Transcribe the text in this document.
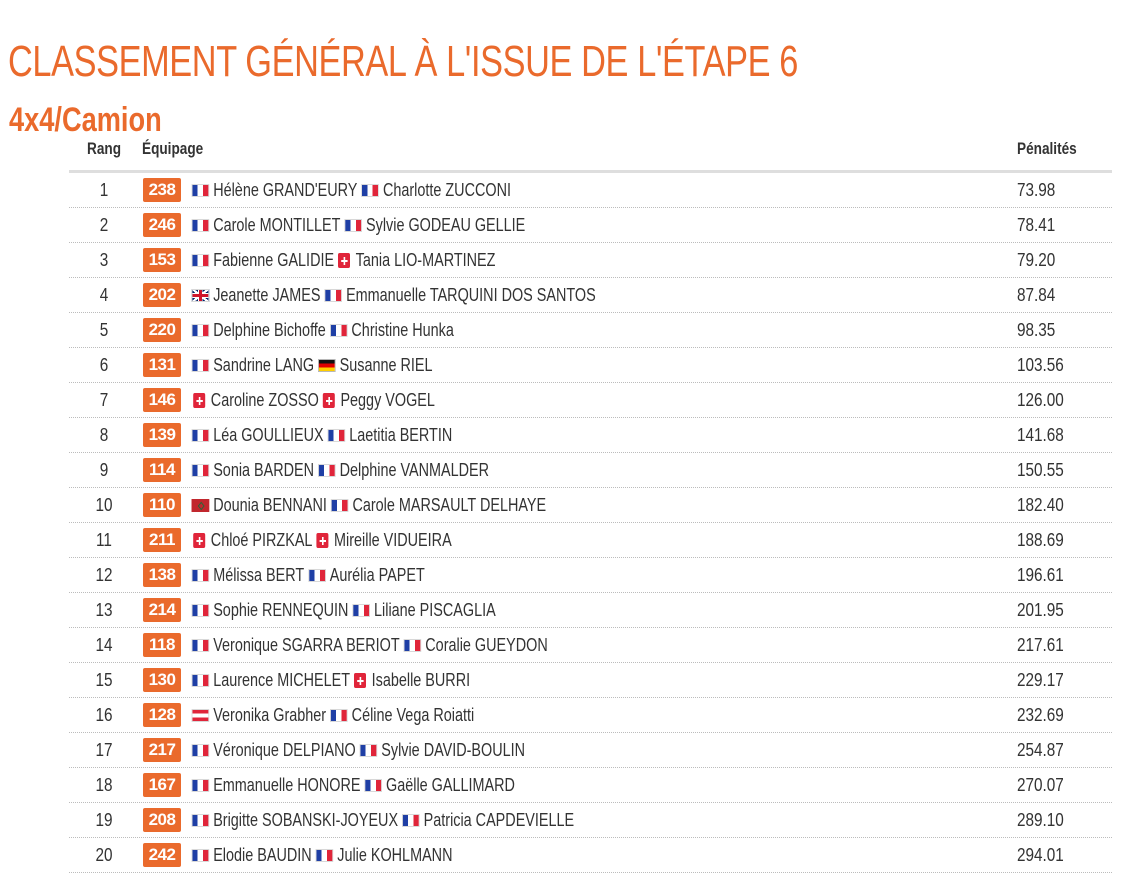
CLASSEMENT GÉNÉRAL À L'ISSUE DE L'ÉTAPE 6
4x4/Camion
Rang Équipage	Pénalités
1	238	Hélène GRAND'EURY Charlotte ZUCCONI	73.98
2	246	Carole MONTILLET Sylvie GODEAU GELLIE	78.41
3	153	Fabienne GALIDIE Tania LIO-MARTINEZ	79.20
4	202	Jeanette JAMES Emmanuelle TARQUINI DOS SANTOS	87.84
5	220	Delphine Bichoffe Christine Hunka	98.35
6	131	Sandrine LANG Susanne RIEL	103.56
7	146	Caroline ZOSSO Peggy VOGEL	126.00
8	139	Léa GOULLIEUX Laetitia BERTIN	141.68
9	114	Sonia BARDEN Delphine VANMALDER	150.55
10	110	Dounia BENNANI Carole MARSAULT DELHAYE	182.40
11	211	Chloé PIRZKAL Mireille VIDUEIRA	188.69
12	138	Mélissa BERT Aurélia PAPET	196.61
13	214	Sophie RENNEQUIN Liliane PISCAGLIA	201.95
14	118	Veronique SGARRA BERIOT Coralie GUEYDON	217.61
15	130	Laurence MICHELET Isabelle BURRI	229.17
16	128	Veronika Grabher Céline Vega Roiatti	232.69
17	217	Véronique DELPIANO Sylvie DAVID-BOULIN	254.87
18	167	Emmanuelle HONORE Gaëlle GALLIMARD	270.07
19	208	Brigitte SOBANSKI-JOYEUX Patricia CAPDEVIELLE	289.10
20	242	Elodie BAUDIN Julie KOHLMANN	294.01
